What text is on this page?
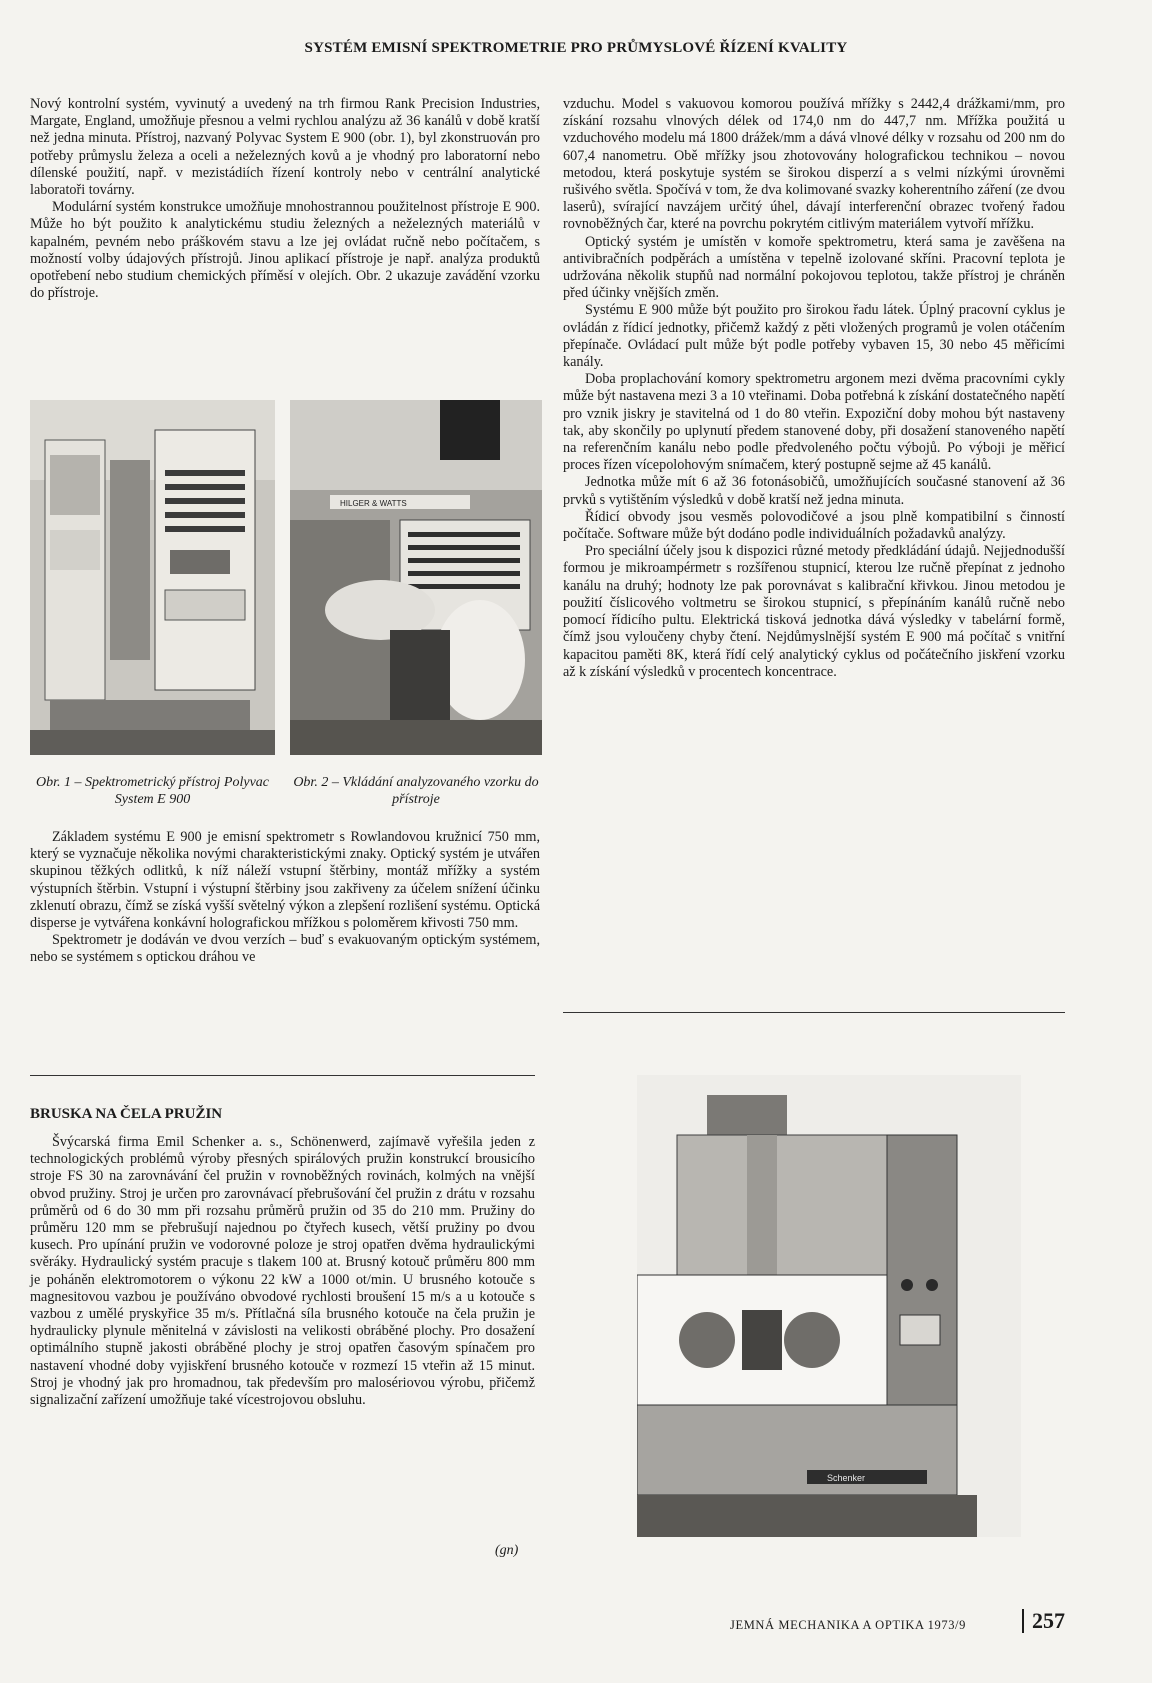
SYSTÉM EMISNÍ SPEKTROMETRIE PRO PRŮMYSLOVÉ ŘÍZENÍ KVALITY

Nový kontrolní systém, vyvinutý a uvedený na trh firmou Rank Precision Industries, Margate, England, umožňuje přesnou a velmi rychlou analýzu až 36 kanálů v době kratší než jedna minuta. Přístroj, nazvaný Polyvac System E 900 (obr. 1), byl zkonstruován pro potřeby průmyslu železa a oceli a neželezných kovů a je vhodný pro laboratorní nebo dílenské použití, např. v mezistádiích řízení kontroly nebo v centrální analytické laboratoři továrny.

Modulární systém konstrukce umožňuje mnohostrannou použitelnost přístroje E 900. Může ho být použito k analytickému studiu železných a neželezných materiálů v kapalném, pevném nebo práškovém stavu a lze jej ovládat ručně nebo počítačem, s možností volby údajových přístrojů. Jinou aplikací přístroje je např. analýza produktů opotřebení nebo studium chemických příměsí v olejích. Obr. 2 ukazuje zavádění vzorku do přístroje.

HILGER & WATTS
Obr. 1 – Spektrometrický přístroj Polyvac System E 900
Obr. 2 – Vkládání analyzovaného vzorku do přístroje

Základem systému E 900 je emisní spektrometr s Rowlandovou kružnicí 750 mm, který se vyznačuje několika novými charakteristickými znaky. Optický systém je utvářen skupinou těžkých odlitků, k níž náleží vstupní štěrbiny, montáž mřížky a systém výstupních štěrbin. Vstupní i výstupní štěrbiny jsou zakřiveny za účelem snížení účinku zklenutí obrazu, čímž se získá vyšší světelný výkon a zlepšení rozlišení systému. Optická disperse je vytvářena konkávní holografickou mřížkou s poloměrem křivosti 750 mm.

Spektrometr je dodáván ve dvou verzích – buď s evakuovaným optickým systémem, nebo se systémem s optickou dráhou ve

vzduchu. Model s vakuovou komorou používá mřížky s 2442,4 drážkami/mm, pro získání rozsahu vlnových délek od 174,0 nm do 447,7 nm. Mřížka použitá u vzduchového modelu má 1800 drážek/mm a dává vlnové délky v rozsahu od 200 nm do 607,4 nanometru. Obě mřížky jsou zhotovovány holografickou technikou – novou metodou, která poskytuje systém se širokou disperzí a s velmi nízkými úrovněmi rušivého světla. Spočívá v tom, že dva kolimované svazky koherentního záření (ze dvou laserů), svírající navzájem určitý úhel, dávají interferenční obrazec tvořený řadou rovnoběžných čar, které na povrchu pokrytém citlivým materiálem vytvoří mřížku.

Optický systém je umístěn v komoře spektrometru, která sama je zavěšena na antivibračních podpěrách a umístěna v tepelně izolované skříni. Pracovní teplota je udržována několik stupňů nad normální pokojovou teplotou, takže přístroj je chráněn před účinky vnějších změn.

Systému E 900 může být použito pro širokou řadu látek. Úplný pracovní cyklus je ovládán z řídicí jednotky, přičemž každý z pěti vložených programů je volen otáčením přepínače. Ovládací pult může být podle potřeby vybaven 15, 30 nebo 45 měřicími kanály.

Doba proplachování komory spektrometru argonem mezi dvěma pracovními cykly může být nastavena mezi 3 a 10 vteřinami. Doba potřebná k získání dostatečného napětí pro vznik jiskry je stavitelná od 1 do 80 vteřin. Expoziční doby mohou být nastaveny tak, aby skončily po uplynutí předem stanovené doby, při dosažení stanoveného napětí na referenčním kanálu nebo podle předvoleného počtu výbojů. Po výboji je měřicí proces řízen vícepolohovým snímačem, který postupně sejme až 45 kanálů.

Jednotka může mít 6 až 36 fotonásobičů, umožňujících současné stanovení až 36 prvků s vytištěním výsledků v době kratší než jedna minuta.

Řídicí obvody jsou vesměs polovodičové a jsou plně kompatibilní s činností počítače. Software může být dodáno podle individuálních požadavků analýzy.

Pro speciální účely jsou k dispozici různé metody předkládání údajů. Nejjednodušší formou je mikroampérmetr s rozšířenou stupnicí, kterou lze ručně přepínat z jednoho kanálu na druhý; hodnoty lze pak porovnávat s kalibrační křivkou. Jinou metodou je použití číslicového voltmetru se širokou stupnicí, s přepínáním kanálů ručně nebo pomocí řídicího pultu. Elektrická tisková jednotka dává výsledky v tabelární formě, čímž jsou vyloučeny chyby čtení. Nejdůmyslnější systém E 900 má počítač s vnitřní kapacitou paměti 8K, která řídí celý analytický cyklus od počátečního jiskření vzorku až k získání výsledků v procentech koncentrace.

BRUSKA NA ČELA PRUŽIN

Švýcarská firma Emil Schenker a. s., Schönenwerd, zajímavě vyřešila jeden z technologických problémů výroby přesných spirálových pružin konstrukcí brousicího stroje FS 30 na zarovnávání čel pružin v rovnoběžných rovinách, kolmých na vnější obvod pružiny. Stroj je určen pro zarovnávací přebrušování čel pružin z drátu v rozsahu průměrů od 6 do 30 mm při rozsahu průměrů pružin od 35 do 210 mm. Pružiny do průměru 120 mm se přebrušují najednou po čtyřech kusech, větší pružiny po dvou kusech. Pro upínání pružin ve vodorovné poloze je stroj opatřen dvěma hydraulickými svěráky. Hydraulický systém pracuje s tlakem 100 at. Brusný kotouč průměru 800 mm je poháněn elektromotorem o výkonu 22 kW a 1000 ot/min. U brusného kotouče s magnesitovou vazbou je používáno obvodové rychlosti broušení 15 m/s a u kotouče s vazbou z umělé pryskyřice 35 m/s. Přítlačná síla brusného kotouče na čela pružin je hydraulicky plynule měnitelná v závislosti na velikosti obráběné plochy. Pro dosažení optimálního stupně jakosti obráběné plochy je stroj opatřen časovým spínačem pro nastavení vhodné doby vyjiskření brusného kotouče v rozmezí 15 vteřin až 15 minut. Stroj je vhodný jak pro hromadnou, tak především pro malosériovou výrobu, přičemž signalizační zařízení umožňuje také vícestrojovou obsluhu.

(gn)
Schenker
JEMNÁ MECHANIKA A OPTIKA 1973/9	257
